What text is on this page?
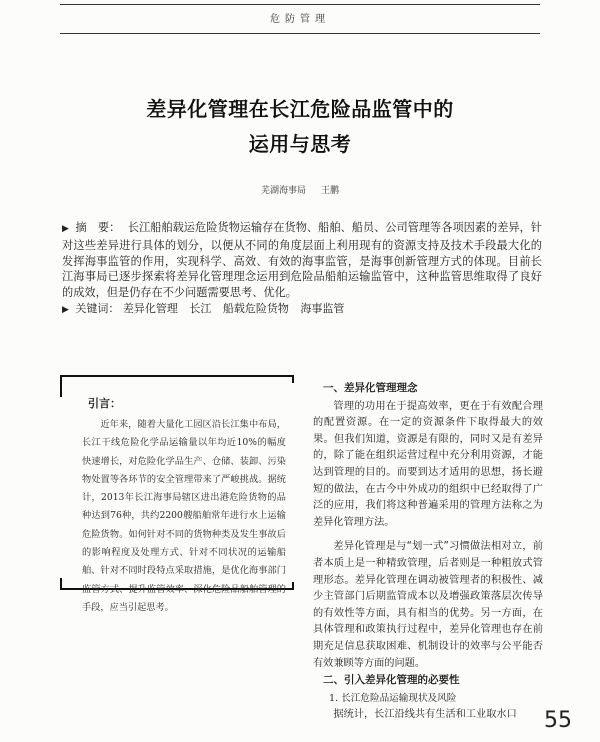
危防管理
差异化管理在长江危险品监管中的
运用与思考
芜湖海事局 王鹏
▶ 摘　要： 长江船舶载运危险货物运输存在货物、船舶、船员、公司管理等各项因素的差异，针对这些差异进行具体的划分，以便从不同的角度层面上利用现有的资源支持及技术手段最大化的发挥海事监管的作用，实现科学、高效、有效的海事监管，是海事创新管理方式的体现。目前长江海事局已逐步探索将差异化管理理念运用到危险品船舶运输监管中，这种监管思维取得了良好的成效，但是仍存在不少问题需要思考、优化。
▶ 关键词： 差异化管理 长江 船载危险货物 海事监管
引言：
近年来，随着大量化工园区沿长江集中布局，长江干线危险化学品运输量以年均近10%的幅度快速增长，对危险化学品生产、仓储、装卸、污染物处置等各环节的安全管理带来了严峻挑战。据统计，2013年长江海事局辖区进出港危险货物的品种达到76种，共约2200艘船舶常年进行水上运输危险货物。如何针对不同的货物种类及发生事故后的影响程度及处理方式、针对不同状况的运输船舶、针对不同时段特点采取措施，是优化海事部门监管方式、提升监管效率、深化危险品船舶管理的手段，应当引起思考。
一、差异化管理理念

管理的功用在于提高效率，更在于有效配合理的配置资源。在一定的资源条件下取得最大的效果。但我们知道，资源是有限的，同时又是有差异的，除了能在组织运营过程中充分利用资源，才能达到管理的目的。而要到达才适用的思想，扬长避短的做法，在古今中外成功的组织中已经取得了广泛的应用，我们将这种普遍采用的管理方法称之为差异化管理方法。

差异化管理是与“划一式”习惯做法相对立，前者本质上是一种精致管理，后者则是一种粗放式管理形态。差异化管理在调动被管理者的积极性、减少主管部门后期监管成本以及增强政策落层次传导的有效性等方面，具有相当的优势。另一方面，在具体管理和政策执行过程中，差异化管理也存在前期充足信息获取困难、机制设计的效率与公平能否有效兼顾等方面的问题。

二、引入差异化管理的必要性
1. 长江危险品运输现状及风险

据统计，长江沿线共有生活和工业取水口	55
